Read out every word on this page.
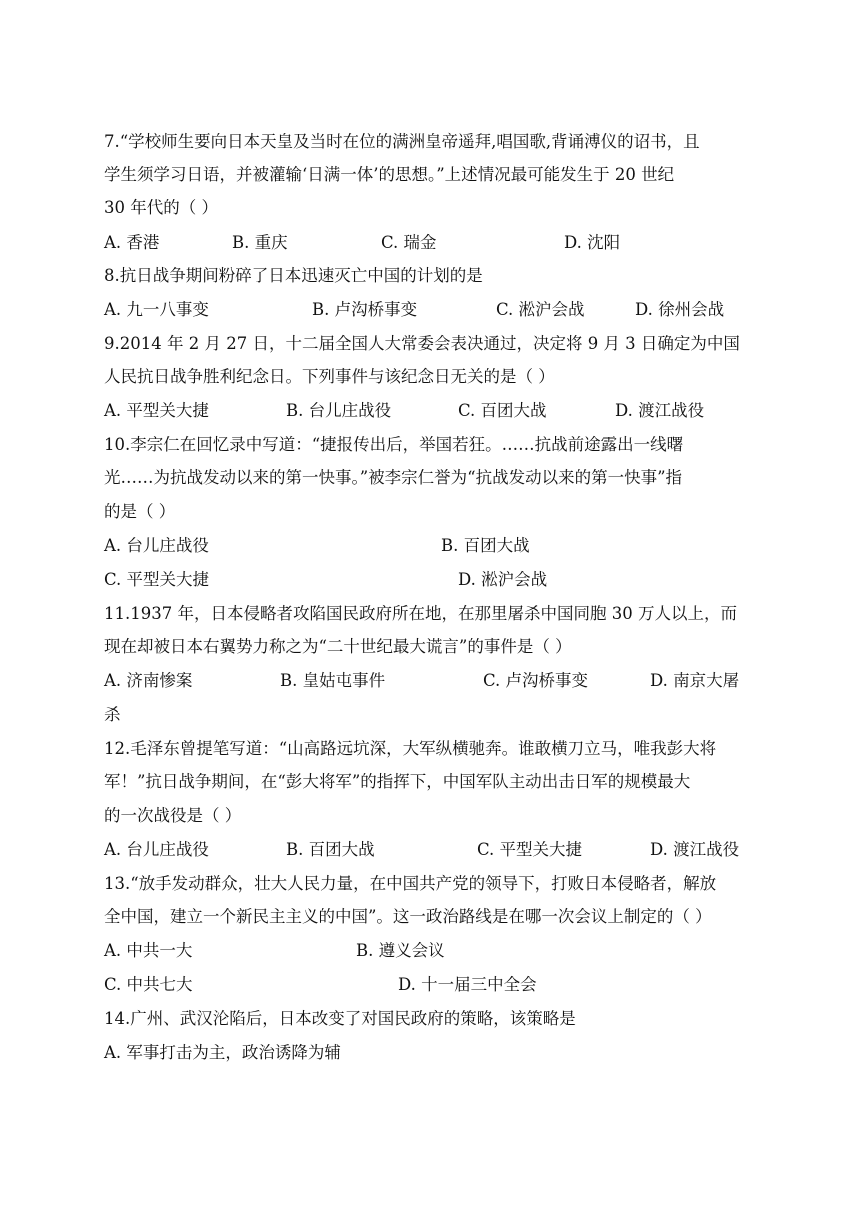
7.“学校师生要向日本天皇及当时在位的满洲皇帝遥拜,唱国歌,背诵溥仪的诏书，且
学生须学习日语，并被灌输‘日满一体’的思想。”上述情况最可能发生于 20 世纪
30 年代的（ ）
A. 香港	B. 重庆	C. 瑞金	D. 沈阳
8.抗日战争期间粉碎了日本迅速灭亡中国的计划的是
A. 九一八事变	B. 卢沟桥事变	C. 淞沪会战	D. 徐州会战
9.2014 年 2 月 27 日，十二届全国人大常委会表决通过，决定将 9 月 3 日确定为中国
人民抗日战争胜利纪念日。下列事件与该纪念日无关的是（ ）
A. 平型关大捷	B. 台儿庄战役	C. 百团大战	D. 渡江战役
10.李宗仁在回忆录中写道：“捷报传出后，举国若狂。……抗战前途露出一线曙
光……为抗战发动以来的第一快事。”被李宗仁誉为“抗战发动以来的第一快事”指
的是（ ）
A. 台儿庄战役	B. 百团大战
C. 平型关大捷	D. 淞沪会战
11.1937 年，日本侵略者攻陷国民政府所在地，在那里屠杀中国同胞 30 万人以上，而
现在却被日本右翼势力称之为“二十世纪最大谎言”的事件是（ ）
A. 济南惨案	B. 皇姑屯事件	C. 卢沟桥事变	D. 南京大屠
杀
12.毛泽东曾提笔写道：“山高路远坑深，大军纵横驰奔。谁敢横刀立马，唯我彭大将
军！”抗日战争期间，在“彭大将军”的指挥下，中国军队主动出击日军的规模最大
的一次战役是（ ）
A. 台儿庄战役	B. 百团大战	C. 平型关大捷	D. 渡江战役
13.“放手发动群众，壮大人民力量，在中国共产党的领导下，打败日本侵略者，解放
全中国，建立一个新民主主义的中国”。这一政治路线是在哪一次会议上制定的（ ）
A. 中共一大	B. 遵义会议
C. 中共七大	D. 十一届三中全会
14.广州、武汉沦陷后，日本改变了对国民政府的策略，该策略是
A. 军事打击为主，政治诱降为辅
